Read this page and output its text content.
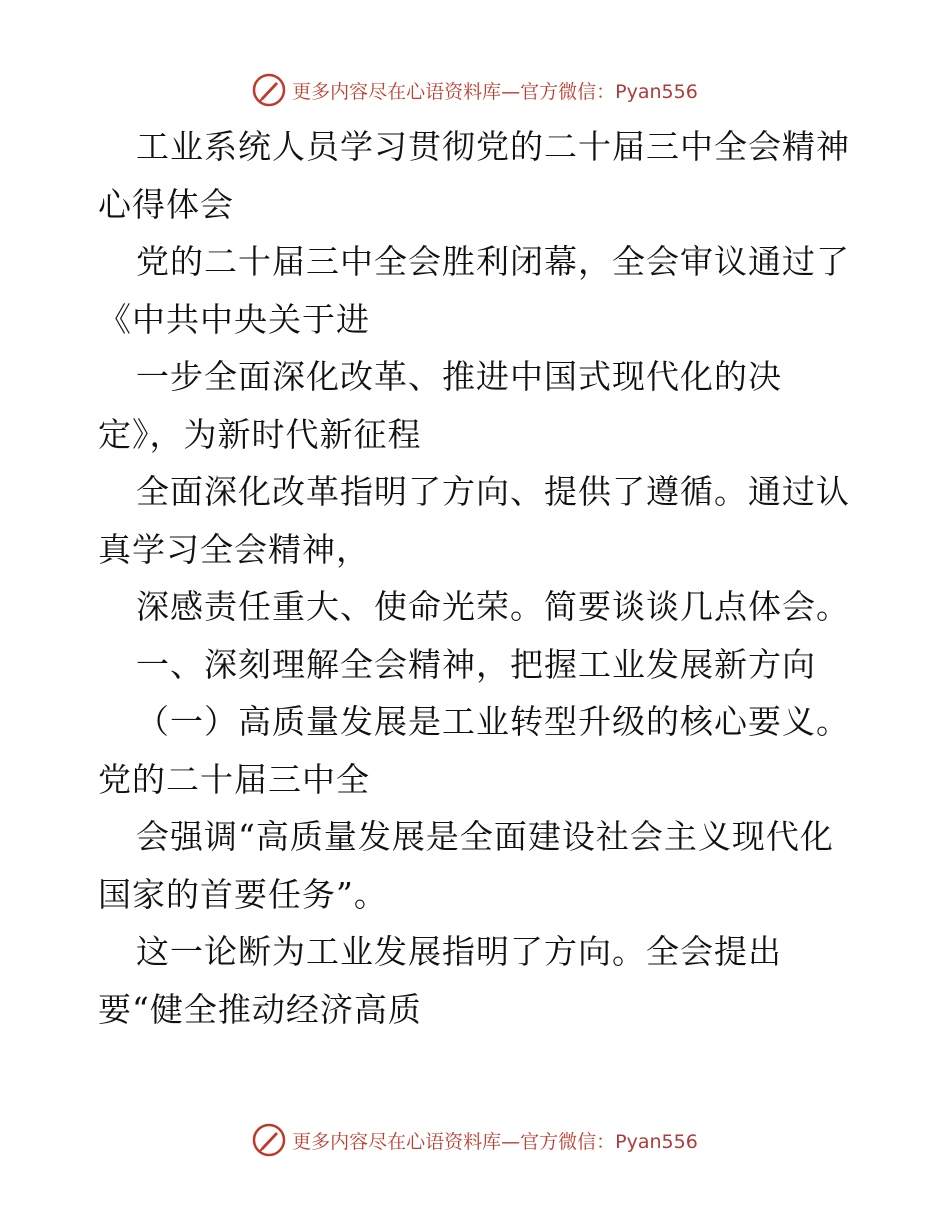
更多内容尽在心语资料库—官方微信：Pyan556

工业系统人员学习贯彻党的二十届三中全会精神心得体会

党的二十届三中全会胜利闭幕，全会审议通过了《中共中央关于进

一步全面深化改革、推进中国式现代化的决定》，为新时代新征程

全面深化改革指明了方向、提供了遵循。通过认真学习全会精神，

深感责任重大、使命光荣。简要谈谈几点体会。

一、深刻理解全会精神，把握工业发展新方向

（一）高质量发展是工业转型升级的核心要义。党的二十届三中全

会强调“高质量发展是全面建设社会主义现代化国家的首要任务”。

这一论断为工业发展指明了方向。全会提出要“健全推动经济高质

更多内容尽在心语资料库—官方微信：Pyan556
